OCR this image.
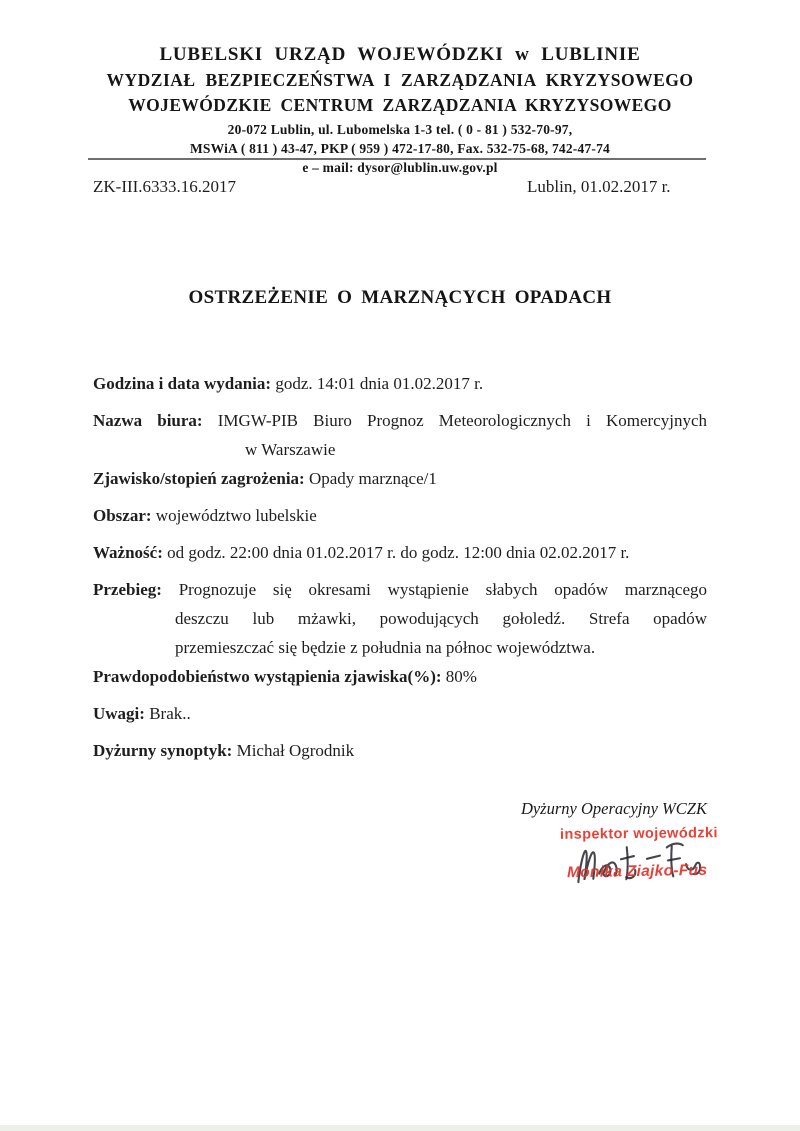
LUBELSKI URZĄD WOJEWÓDZKI w LUBLINIE
WYDZIAŁ BEZPIECZEŃSTWA I ZARZĄDZANIA KRYZYSOWEGO
WOJEWÓDZKIE CENTRUM ZARZĄDZANIA KRYZYSOWEGO
20-072 Lublin, ul. Lubomelska 1-3 tel. ( 0 - 81 ) 532-70-97,
MSWiA ( 811 ) 43-47, PKP ( 959 ) 472-17-80, Fax. 532-75-68, 742-47-74
e – mail: dysor@lublin.uw.gov.pl
ZK-III.6333.16.2017	Lublin, 01.02.2017 r.
OSTRZEŻENIE O MARZNĄCYCH OPADACH
Godzina i data wydania: godz. 14:01 dnia 01.02.2017 r.
Nazwa biura: IMGW-PIB Biuro Prognoz Meteorologicznych i Komercyjnych
w Warszawie
Zjawisko/stopień zagrożenia: Opady marznące/1
Obszar: województwo lubelskie
Ważność: od godz. 22:00 dnia 01.02.2017 r. do godz. 12:00 dnia 02.02.2017 r.
Przebieg: Prognozuje się okresami wystąpienie słabych opadów marznącego
deszczu lub mżawki, powodujących gołoledź. Strefa opadów
przemieszczać się będzie z południa na północ województwa.
Prawdopodobieństwo wystąpienia zjawiska(%): 80%
Uwagi: Brak..
Dyżurny synoptyk: Michał Ogrodnik
Dyżurny Operacyjny WCZK
inspektor wojewódzki
Monika Ziajko-Fus
